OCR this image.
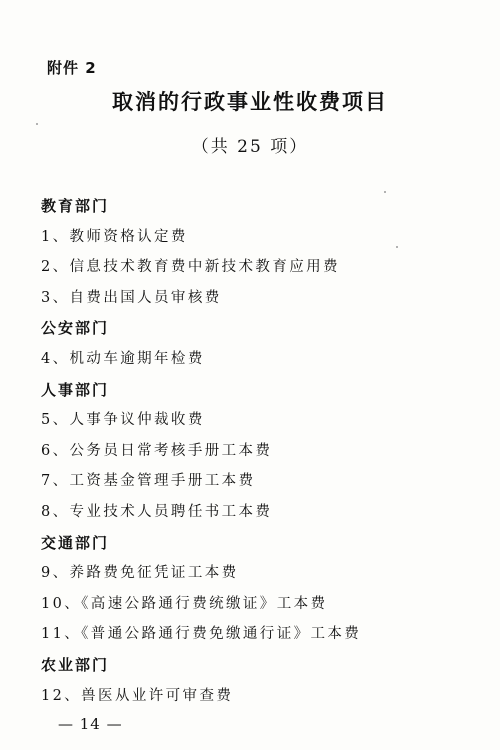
附件 2
取消的行政事业性收费项目
（共 25 项）
教育部门
1、教师资格认定费
2、信息技术教育费中新技术教育应用费
3、自费出国人员审核费
公安部门
4、机动车逾期年检费
人事部门
5、人事争议仲裁收费
6、公务员日常考核手册工本费
7、工资基金管理手册工本费
8、专业技术人员聘任书工本费
交通部门
9、养路费免征凭证工本费
10、《高速公路通行费统缴证》工本费
11、《普通公路通行费免缴通行证》工本费
农业部门
12、兽医从业许可审查费
— 14 —
